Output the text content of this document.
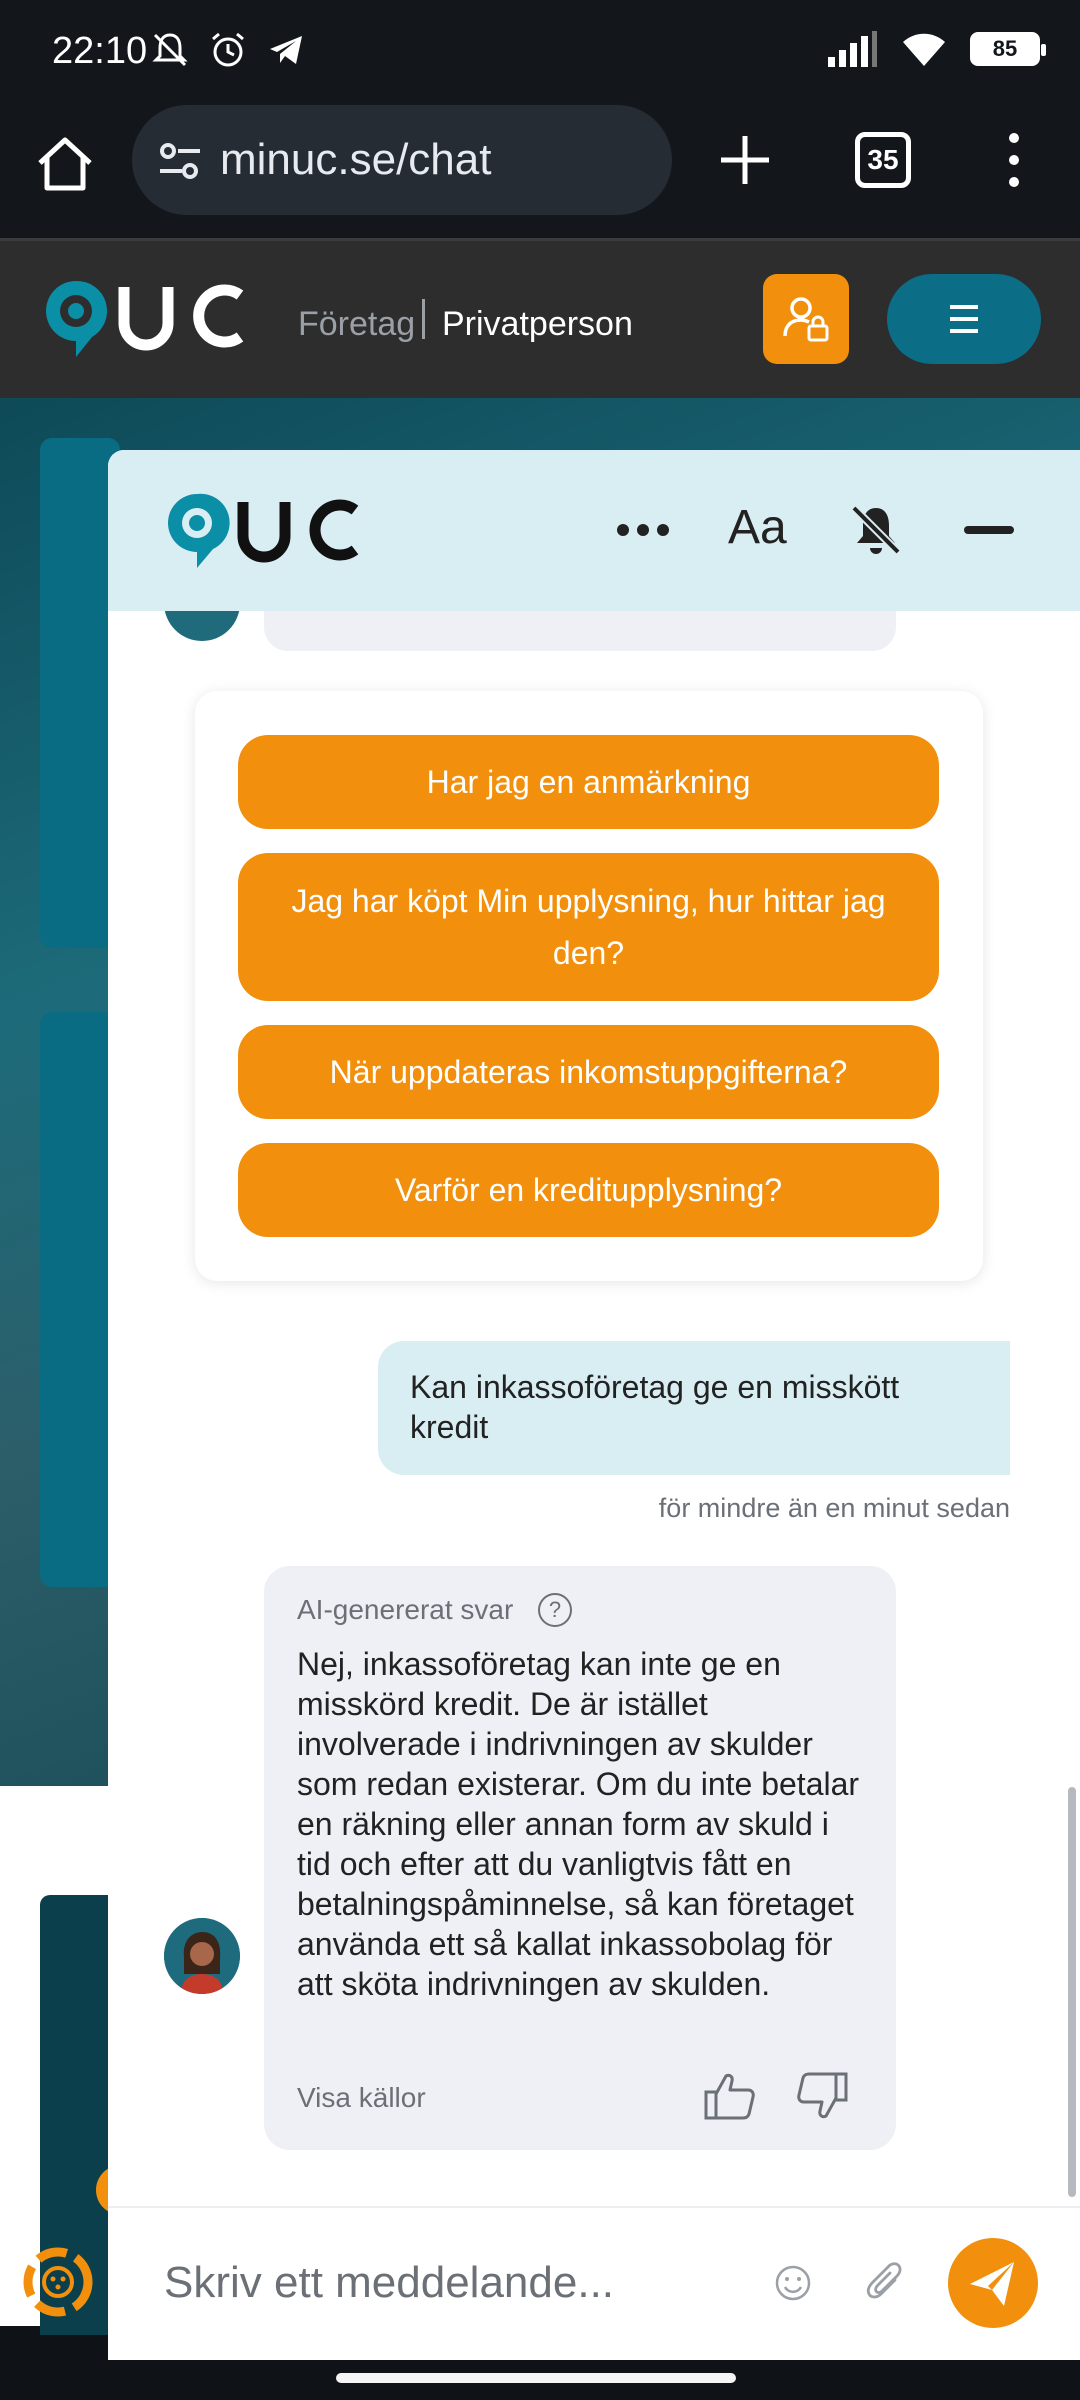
22:10	85
minuc.se/chat	35
Företag Privatperson
Aa
Har jag en anmärkning
Jag har köpt Min upplysning, hur hittar jag den?
När uppdateras inkomstuppgifterna?
Varför en kreditupplysning?
Kan inkassoföretag ge en misskött kredit
för mindre än en minut sedan
AI-genererat svar	?
Nej, inkassoföretag kan inte ge en misskörd kredit. De är istället involverade i indrivningen av skulder som redan existerar. Om du inte betalar en räkning eller annan form av skuld i tid och efter att du vanligtvis fått en betalningspåminnelse, så kan företaget använda ett så kallat inkassobolag för att sköta indrivningen av skulden.
Visa källor
Skriv ett meddelande...
